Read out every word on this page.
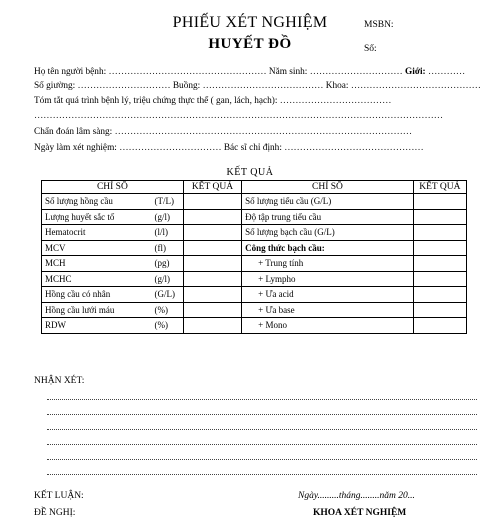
PHIẾU XÉT NGHIỆM
HUYẾT ĐỒ
MSBN:
Số:
Họ tên người bệnh: …………………………………………… Năm sinh: ………………………… Giới: …………
Số giường: ………………………… Buồng: ………………………………… Khoa: ……………………………………
Tóm tắt quá trình bệnh lý, triệu chứng thực thể ( gan, lách, hạch): ………………………………
……………………………………………………………………………………………………………………
Chẩn đoán lâm sàng: ……………………………………………………………………………………
Ngày làm xét nghiệm: …………………………… Bác sĩ chỉ định: ………………………………………
KẾT QUẢ
CHỈ SỐ		KẾT QUẢ	CHỈ SỐ	KẾT QUẢ
Số lượng hồng cầu	(T/L)		Số lượng tiểu cầu (G/L)	
Lượng huyết sắc tố	(g/l)		Độ tập trung tiểu cầu	
Hematocrit	(l/l)		Số lượng bạch cầu (G/L)	
MCV	(fl)		Công thức bạch cầu:	
MCH	(pg)		+ Trung tính	
MCHC	(g/l)		+ Lympho	
Hồng cầu có nhân	(G/L)		+ Ưa acid	
Hồng cầu lưới máu	(%)		+ Ưa base	
RDW	(%)		+ Mono	
NHẬN XÉT:
KẾT LUẬN:
ĐỀ NGHỊ:
Ngày.........tháng........năm 20...
KHOA XÉT NGHIỆM
